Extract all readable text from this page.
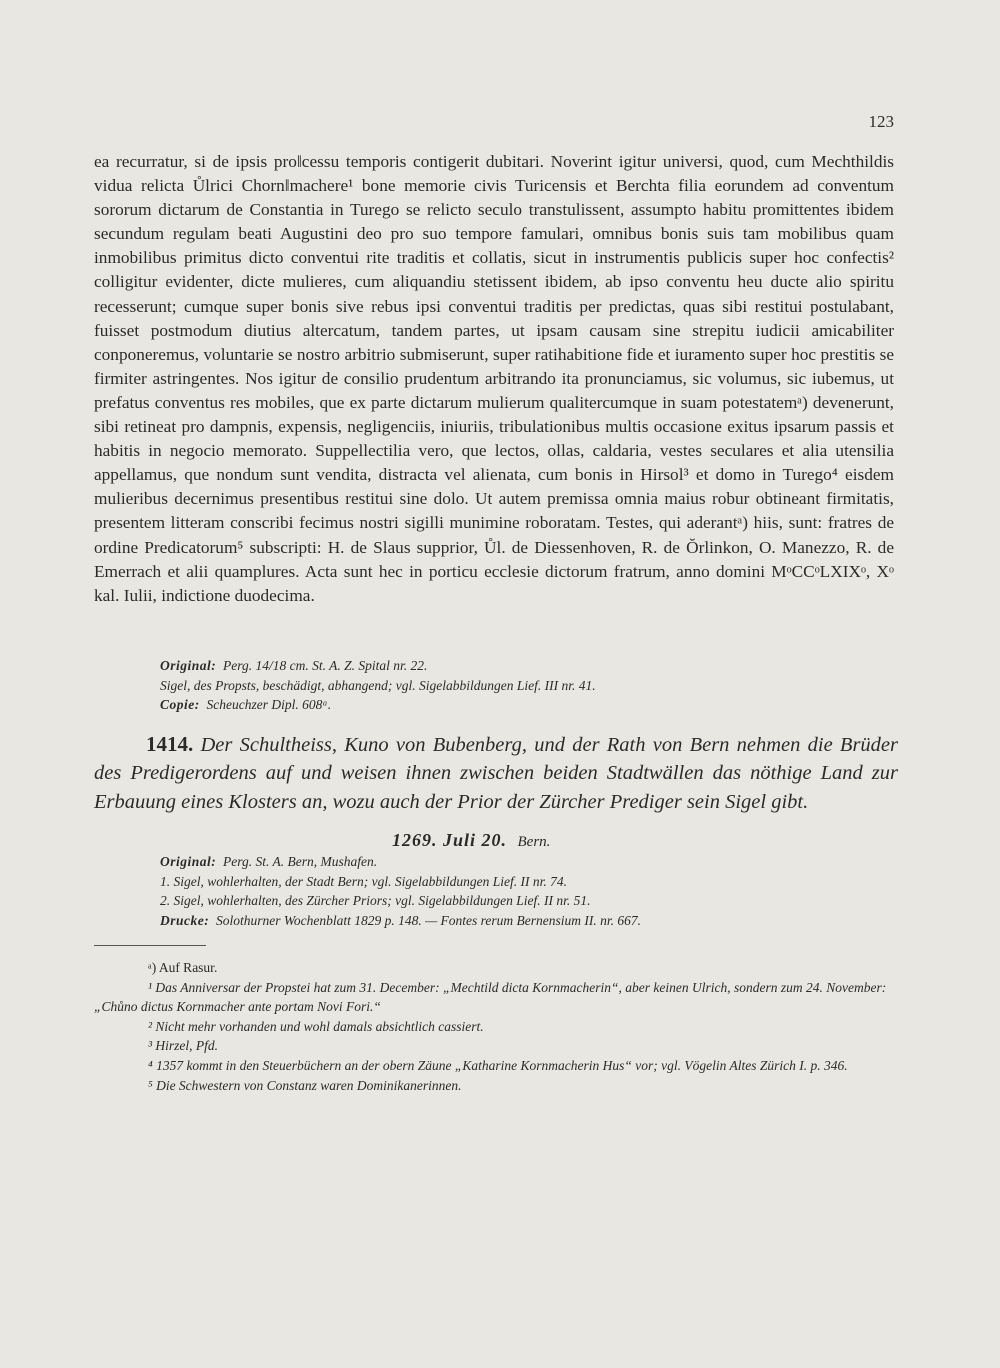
123

ea recurratur, si de ipsis pro‖cessu temporis contigerit dubitari. Noverint igitur universi, quod, cum Mechthildis vidua relicta Ůlrici Chorn‖machere¹ bone memorie civis Turicensis et Berchta filia eorundem ad conventum sororum dictarum de Constantia in Turego se relicto seculo transtulissent, assumpto habitu promittentes ibidem secundum regulam beati Augustini deo pro suo tempore famulari, omnibus bonis suis tam mobilibus quam inmobilibus primitus dicto conventui rite traditis et collatis, sicut in instrumentis publicis super hoc confectis² colligitur evidenter, dicte mulieres, cum aliquandiu stetissent ibidem, ab ipso conventu heu ducte alio spiritu recesserunt; cumque super bonis sive rebus ipsi conventui traditis per predictas, quas sibi restitui postulabant, fuisset postmodum diutius altercatum, tandem partes, ut ipsam causam sine strepitu iudicii amicabiliter conponeremus, voluntarie se nostro arbitrio submiserunt, super ratihabitione fide et iuramento super hoc prestitis se firmiter astringentes. Nos igitur de consilio prudentum arbitrando ita pronunciamus, sic volumus, sic iubemus, ut prefatus conventus res mobiles, que ex parte dictarum mulierum qualitercumque in suam potestatemᵃ) devenerunt, sibi retineat pro dampnis, expensis, negligenciis, iniuriis, tribulationibus multis occasione exitus ipsarum passis et habitis in negocio memorato. Suppellectilia vero, que lectos, ollas, caldaria, vestes seculares et alia utensilia appellamus, que nondum sunt vendita, distracta vel alienata, cum bonis in Hirsol³ et domo in Turego⁴ eisdem mulieribus decernimus presentibus restitui sine dolo. Ut autem premissa omnia maius robur obtineant firmitatis, presentem litteram conscribi fecimus nostri sigilli munimine roboratam. Testes, qui aderantᵃ) hiis, sunt: fratres de ordine Predicatorum⁵ subscripti: H. de Slaus supprior, Ůl. de Diessenhoven, R. de Ŏrlinkon, O. Manezzo, R. de Emerrach et alii quamplures. Acta sunt hec in porticu ecclesie dictorum fratrum, anno domini MᵒCCᵒLXIXᵒ, Xᵒ kal. Iulii, indictione duodecima.

Original: Perg. 14/18 cm. St. A. Z. Spital nr. 22.

Sigel, des Propsts, beschädigt, abhangend; vgl. Sigelabbildungen Lief. III nr. 41.

Copie: Scheuchzer Dipl. 608ᵃ.

1414. Der Schultheiss, Kuno von Bubenberg, und der Rath von Bern nehmen die Brüder des Predigerordens auf und weisen ihnen zwischen beiden Stadtwällen das nöthige Land zur Erbauung eines Klosters an, wozu auch der Prior der Zürcher Prediger sein Sigel gibt.
1269. Juli 20. Bern.

Original: Perg. St. A. Bern, Mushafen.

1. Sigel, wohlerhalten, der Stadt Bern; vgl. Sigelabbildungen Lief. II nr. 74.

2. Sigel, wohlerhalten, des Zürcher Priors; vgl. Sigelabbildungen Lief. II nr. 51.

Drucke: Solothurner Wochenblatt 1829 p. 148. — Fontes rerum Bernensium II. nr. 667.

ᵃ) Auf Rasur.

¹ Das Anniversar der Propstei hat zum 31. December: „Mechtild dicta Kornmacherin“, aber keinen Ulrich, sondern zum 24. November: „Chůno dictus Kornmacher ante portam Novi Fori.“

² Nicht mehr vorhanden und wohl damals absichtlich cassiert.

³ Hirzel, Pfd.

⁴ 1357 kommt in den Steuerbüchern an der obern Zäune „Katharine Kornmacherin Hus“ vor; vgl. Vögelin Altes Zürich I. p. 346.

⁵ Die Schwestern von Constanz waren Dominikanerinnen.
